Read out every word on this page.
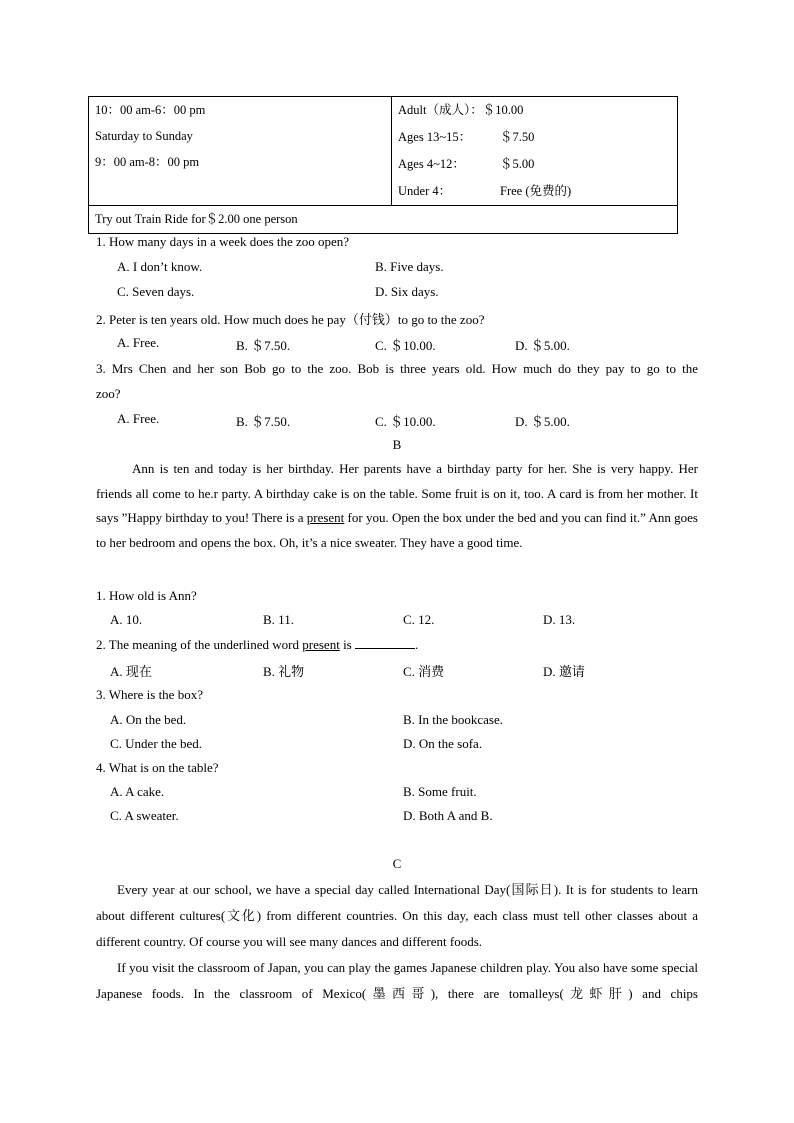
10：00 am-6：00 pm
Saturday to Sunday
9：00 am-8：00 pm

Adult（成人）：＄10.00
Ages 13~15： ＄7.50
Ages 4~12：	＄5.00
Under 4：	Free (免费的)

Try out Train Ride for＄2.00 one person
1. How many days in a week does the zoo open?
A. I don’t know.	B. Five days.
C. Seven days.	D. Six days.
2. Peter is ten years old. How much does he pay（付钱）to go to the zoo?
A. Free.	B. ＄7.50.	C. ＄10.00.	D. ＄5.00.
3. Mrs Chen and her son Bob go to the zoo. Bob is three years old. How much do they pay to go to the
zoo?
A. Free.	B. ＄7.50.	C. ＄10.00.	D. ＄5.00.
B
Ann is ten and today is her birthday. Her parents have a birthday party for her. She is very happy. Her friends all come to he.r party. A birthday cake is on the table. Some fruit is on it, too. A card is from her mother. It says ”Happy birthday to you! There is a present for you. Open the box under the bed and you can find it.” Ann goes to her bedroom and opens the box. Oh, it’s a nice sweater. They have a good time.
1. How old is Ann?
A. 10.	B. 11.	C. 12.	D. 13.
2. The meaning of the underlined word present is	.
A. 现在	B. 礼物	C. 消费	D. 邀请
3. Where is the box?
A. On the bed.	B. In the bookcase.
C. Under the bed.	D. On the sofa.
4. What is on the table?
A. A cake.	B. Some fruit.
C. A sweater.	D. Both A and B.
C
Every year at our school, we have a special day called International Day(国际日). It is for students to learn about different cultures(文化) from different countries. On this day, each class must tell other classes about a different country. Of course you will see many dances and different foods.
If you visit the classroom of Japan, you can play the games Japanese children play. You also have some special Japanese foods. In the classroom of Mexico(墨西哥), there are tomalleys(龙虾肝) and chips
